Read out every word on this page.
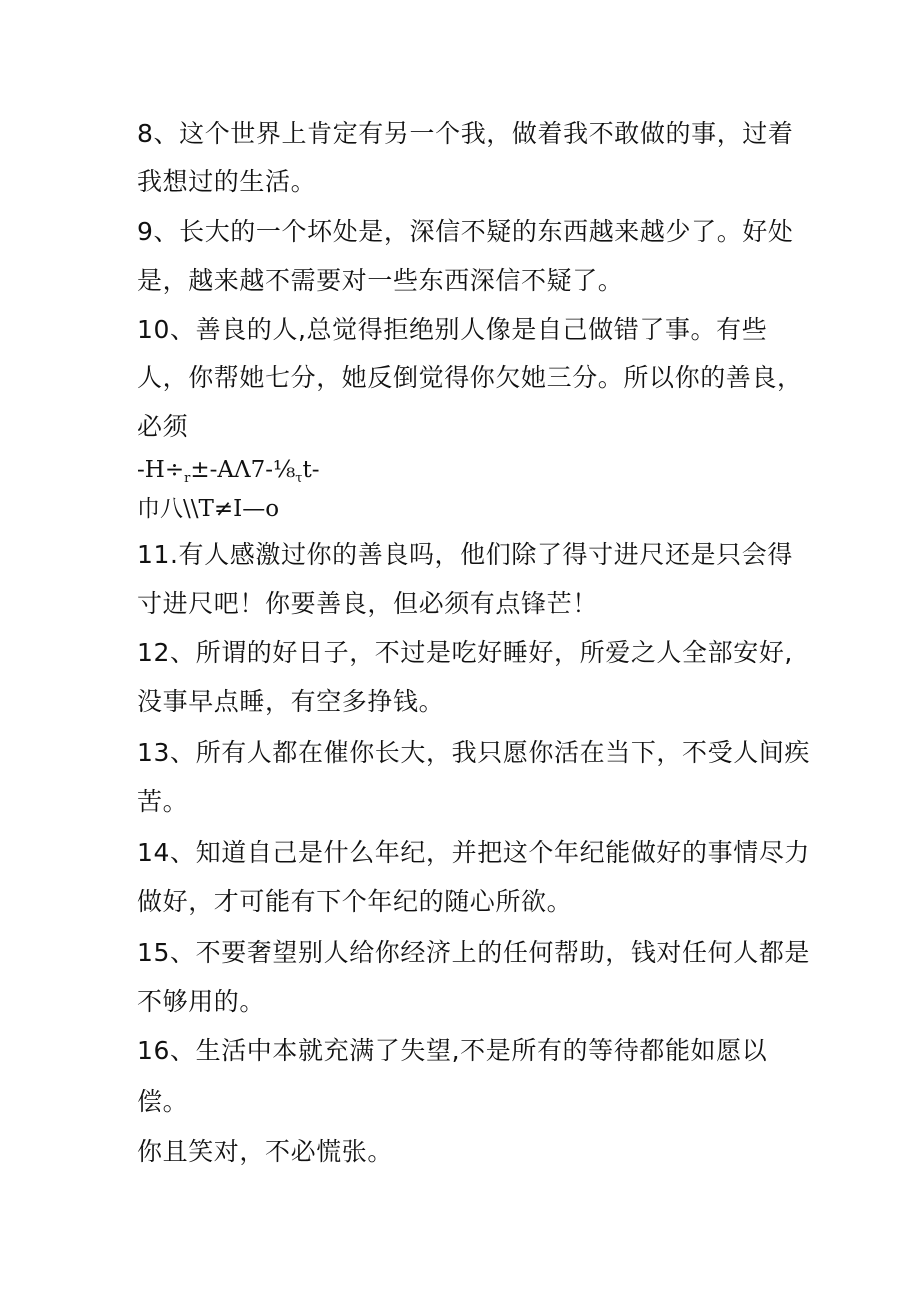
8、这个世界上肯定有另一个我，做着我不敢做的事，过着
我想过的生活。
9、长大的一个坏处是，深信不疑的东西越来越少了。好处
是，越来越不需要对一些东西深信不疑了。
10、善良的人,总觉得拒绝别人像是自己做错了事。有些
人，你帮她七分，她反倒觉得你欠她三分。所以你的善良，
必须
$-H\div_r\pm-A\Lambda 7-\frac{1}{8}_\tau t-$
巾八\\T≠I—o
11.有人感激过你的善良吗，他们除了得寸进尺还是只会得
寸进尺吧！你要善良，但必须有点锋芒！
12、所谓的好日子，不过是吃好睡好，所爱之人全部安好,
没事早点睡，有空多挣钱。
13、所有人都在催你长大，我只愿你活在当下，不受人间疾
苦。
14、知道自己是什么年纪，并把这个年纪能做好的事情尽力
做好，才可能有下个年纪的随心所欲。
15、不要奢望别人给你经济上的任何帮助，钱对任何人都是
不够用的。
16、生活中本就充满了失望,不是所有的等待都能如愿以
偿。
你且笑对，不必慌张。
